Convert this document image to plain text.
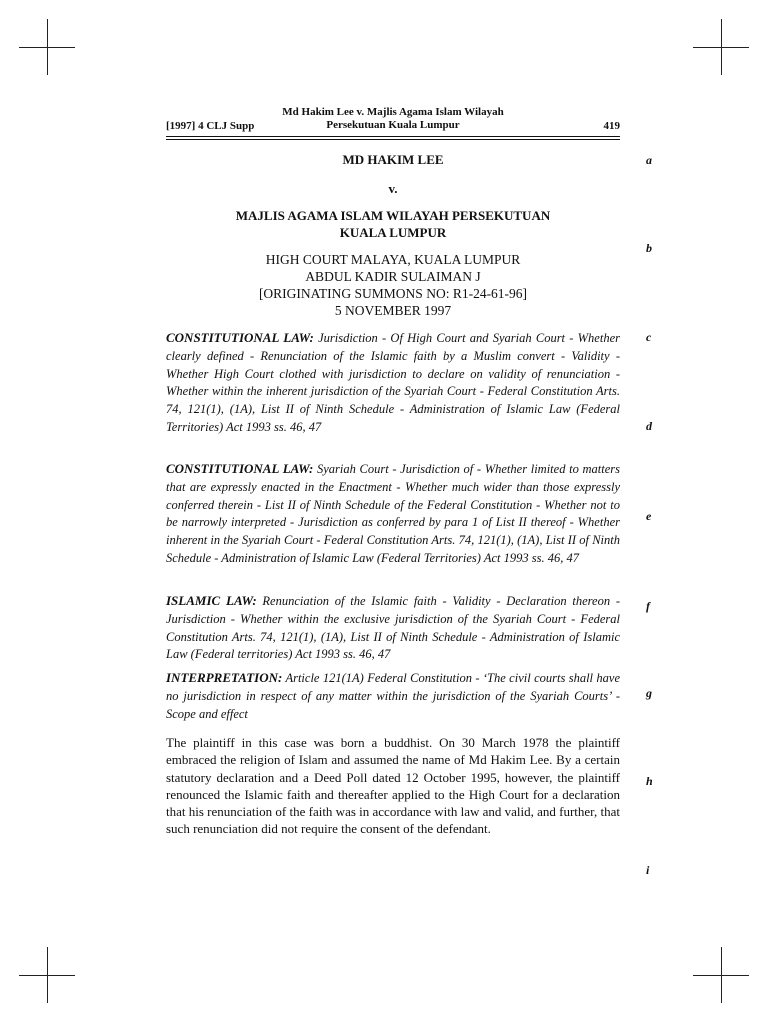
[1997] 4 CLJ Supp
Md Hakim Lee v. Majlis Agama Islam Wilayah
Persekutuan Kuala Lumpur	419
a
b
c
d
e
f
g
h
i
MD HAKIM LEE
v.
MAJLIS AGAMA ISLAM WILAYAH PERSEKUTUAN
KUALA LUMPUR
HIGH COURT MALAYA, KUALA LUMPUR
ABDUL KADIR SULAIMAN J
[ORIGINATING SUMMONS NO: R1-24-61-96]
5 NOVEMBER 1997

CONSTITUTIONAL LAW: Jurisdiction - Of High Court and Syariah Court - Whether clearly defined - Renunciation of the Islamic faith by a Muslim convert - Validity - Whether High Court clothed with jurisdiction to declare on validity of renunciation - Whether within the inherent jurisdiction of the Syariah Court - Federal Constitution Arts. 74, 121(1), (1A), List II of Ninth Schedule - Administration of Islamic Law (Federal Territories) Act 1993 ss. 46, 47

CONSTITUTIONAL LAW: Syariah Court - Jurisdiction of - Whether limited to matters that are expressly enacted in the Enactment - Whether much wider than those expressly conferred therein - List II of Ninth Schedule of the Federal Constitution - Whether not to be narrowly interpreted - Jurisdiction as conferred by para 1 of List II thereof - Whether inherent in the Syariah Court - Federal Constitution Arts. 74, 121(1), (1A), List II of Ninth Schedule - Administration of Islamic Law (Federal Territories) Act 1993 ss. 46, 47

ISLAMIC LAW: Renunciation of the Islamic faith - Validity - Declaration thereon - Jurisdiction - Whether within the exclusive jurisdiction of the Syariah Court - Federal Constitution Arts. 74, 121(1), (1A), List II of Ninth Schedule - Administration of Islamic Law (Federal territories) Act 1993 ss. 46, 47

INTERPRETATION: Article 121(1A) Federal Constitution - ‘The civil courts shall have no jurisdiction in respect of any matter within the jurisdiction of the Syariah Courts’ - Scope and effect

The plaintiff in this case was born a buddhist. On 30 March 1978 the plaintiff embraced the religion of Islam and assumed the name of Md Hakim Lee. By a certain statutory declaration and a Deed Poll dated 12 October 1995, however, the plaintiff renounced the Islamic faith and thereafter applied to the High Court for a declaration that his renunciation of the faith was in accordance with law and valid, and further, that such renunciation did not require the consent of the defendant.
